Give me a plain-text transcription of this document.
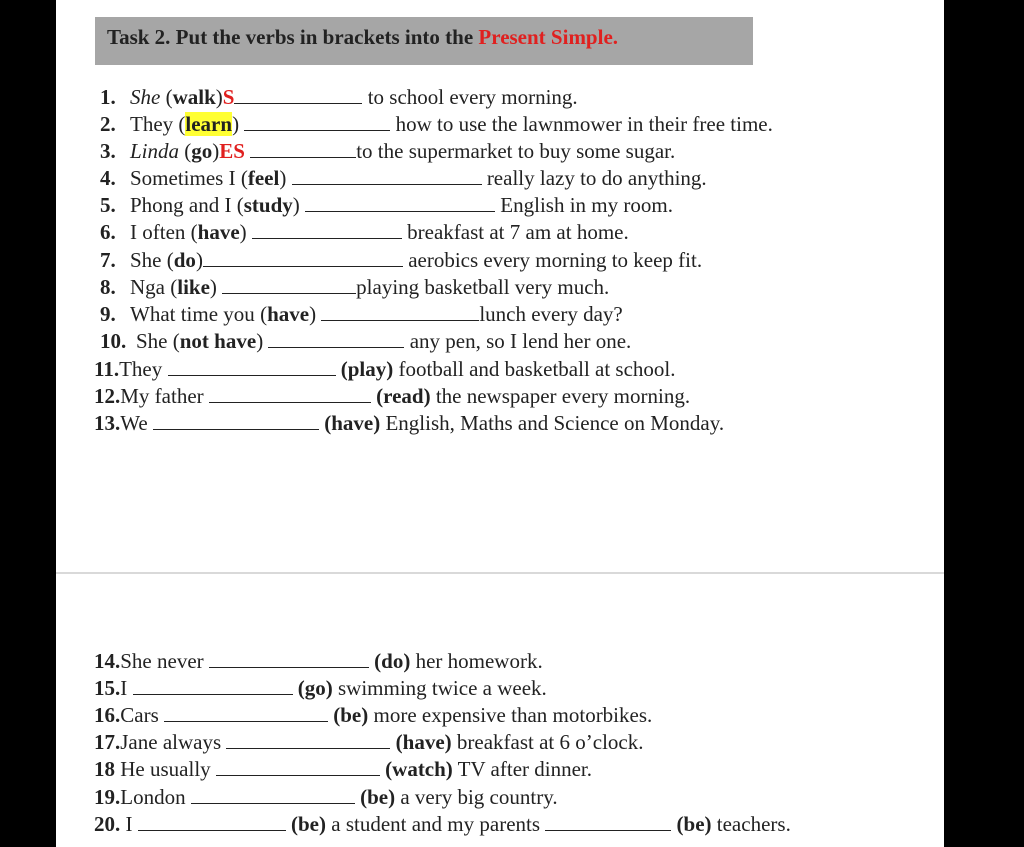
Task 2. Put the verbs in brackets into the Present Simple.
1. She (walk)S	to school every morning.
2. They (learn)	how to use the lawnmower in their free time.
3. Linda (go)ES	to the supermarket to buy some sugar.
4. Sometimes I (feel)	really lazy to do anything.
5. Phong and I (study)	English in my room.
6. I often (have)	breakfast at 7 am at home.
7. She (do)	aerobics every morning to keep fit.
8. Nga (like)	playing basketball very much.
9. What time you (have)	lunch every day?
10. She (not have)	any pen, so I lend her one.
11.They	(play) football and basketball at school.
12.My father	(read) the newspaper every morning.
13.We	(have) English, Maths and Science on Monday.
14.She never	(do) her homework.
15.I	(go) swimming twice a week.
16.Cars	(be) more expensive than motorbikes.
17.Jane always	(have) breakfast at 6 o’clock.
18 He usually	(watch) TV after dinner.
19.London	(be) a very big country.
20. I	(be) a student and my parents	(be) teachers.
